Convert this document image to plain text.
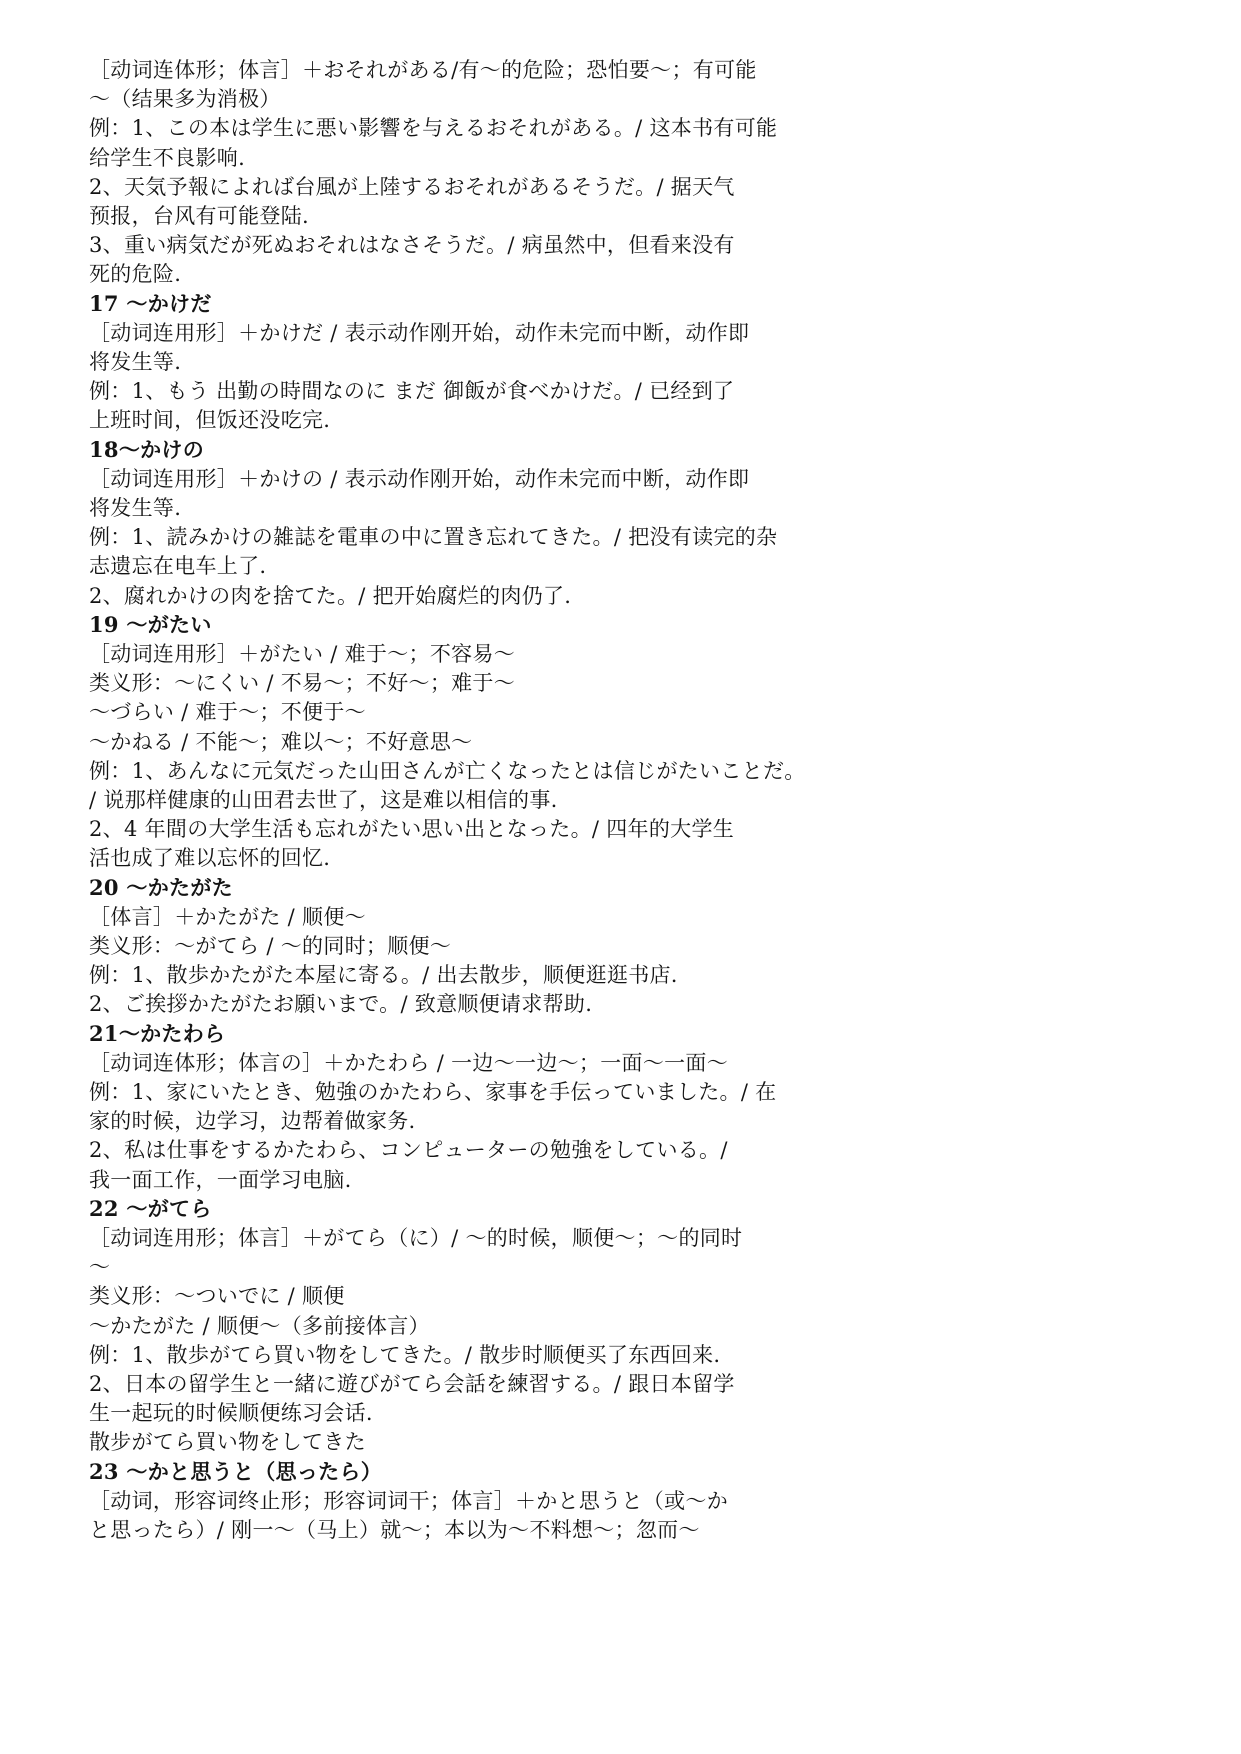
［动词连体形；体言］＋おそれがある/有～的危险；恐怕要～；有可能
～（结果多为消极）
例：1、この本は学生に悪い影響を与えるおそれがある。/ 这本书有可能
给学生不良影响.
2、天気予報によれば台風が上陸するおそれがあるそうだ。/ 据天气
预报，台风有可能登陆.
3、重い病気だが死ぬおそれはなさそうだ。/ 病虽然中，但看来没有
死的危险.
17 ～かけだ
［动词连用形］＋かけだ / 表示动作刚开始，动作未完而中断，动作即
将发生等.
例：1、もう 出勤の時間なのに まだ 御飯が食べかけだ。/ 已经到了
上班时间，但饭还没吃完.
18～かけの
［动词连用形］＋かけの / 表示动作刚开始，动作未完而中断，动作即
将发生等.
例：1、読みかけの雑誌を電車の中に置き忘れてきた。/ 把没有读完的杂
志遗忘在电车上了.
2、腐れかけの肉を捨てた。/ 把开始腐烂的肉仍了.
19 ～がたい
［动词连用形］＋がたい / 难于～；不容易～
类义形：～にくい / 不易～；不好～；难于～
～づらい / 难于～；不便于～
～かねる / 不能～；难以～；不好意思～
例：1、あんなに元気だった山田さんが亡くなったとは信じがたいことだ。
/ 说那样健康的山田君去世了，这是难以相信的事.
2、4 年間の大学生活も忘れがたい思い出となった。/ 四年的大学生
活也成了难以忘怀的回忆.
20 ～かたがた
［体言］＋かたがた / 顺便～
类义形：～がてら / ～的同时；顺便～
例：1、散歩かたがた本屋に寄る。/ 出去散步，顺便逛逛书店.
2、ご挨拶かたがたお願いまで。/ 致意顺便请求帮助.
21～かたわら
［动词连体形；体言の］＋かたわら / 一边～一边～；一面～一面～
例：1、家にいたとき、勉強のかたわら、家事を手伝っていました。/ 在
家的时候，边学习，边帮着做家务.
2、私は仕事をするかたわら、コンピューターの勉強をしている。/
我一面工作，一面学习电脑.
22 ～がてら
［动词连用形；体言］＋がてら（に）/ ～的时候，顺便～；～的同时
～
类义形：～ついでに / 顺便
～かたがた / 顺便～（多前接体言）
例：1、散歩がてら買い物をしてきた。/ 散步时顺便买了东西回来.
2、日本の留学生と一緒に遊びがてら会話を練習する。/ 跟日本留学
生一起玩的时候顺便练习会话.
散步がてら買い物をしてきた
23 ～かと思うと（思ったら）
［动词，形容词终止形；形容词词干；体言］＋かと思うと（或～か
と思ったら）/ 刚一～（马上）就～；本以为～不料想～；忽而～
